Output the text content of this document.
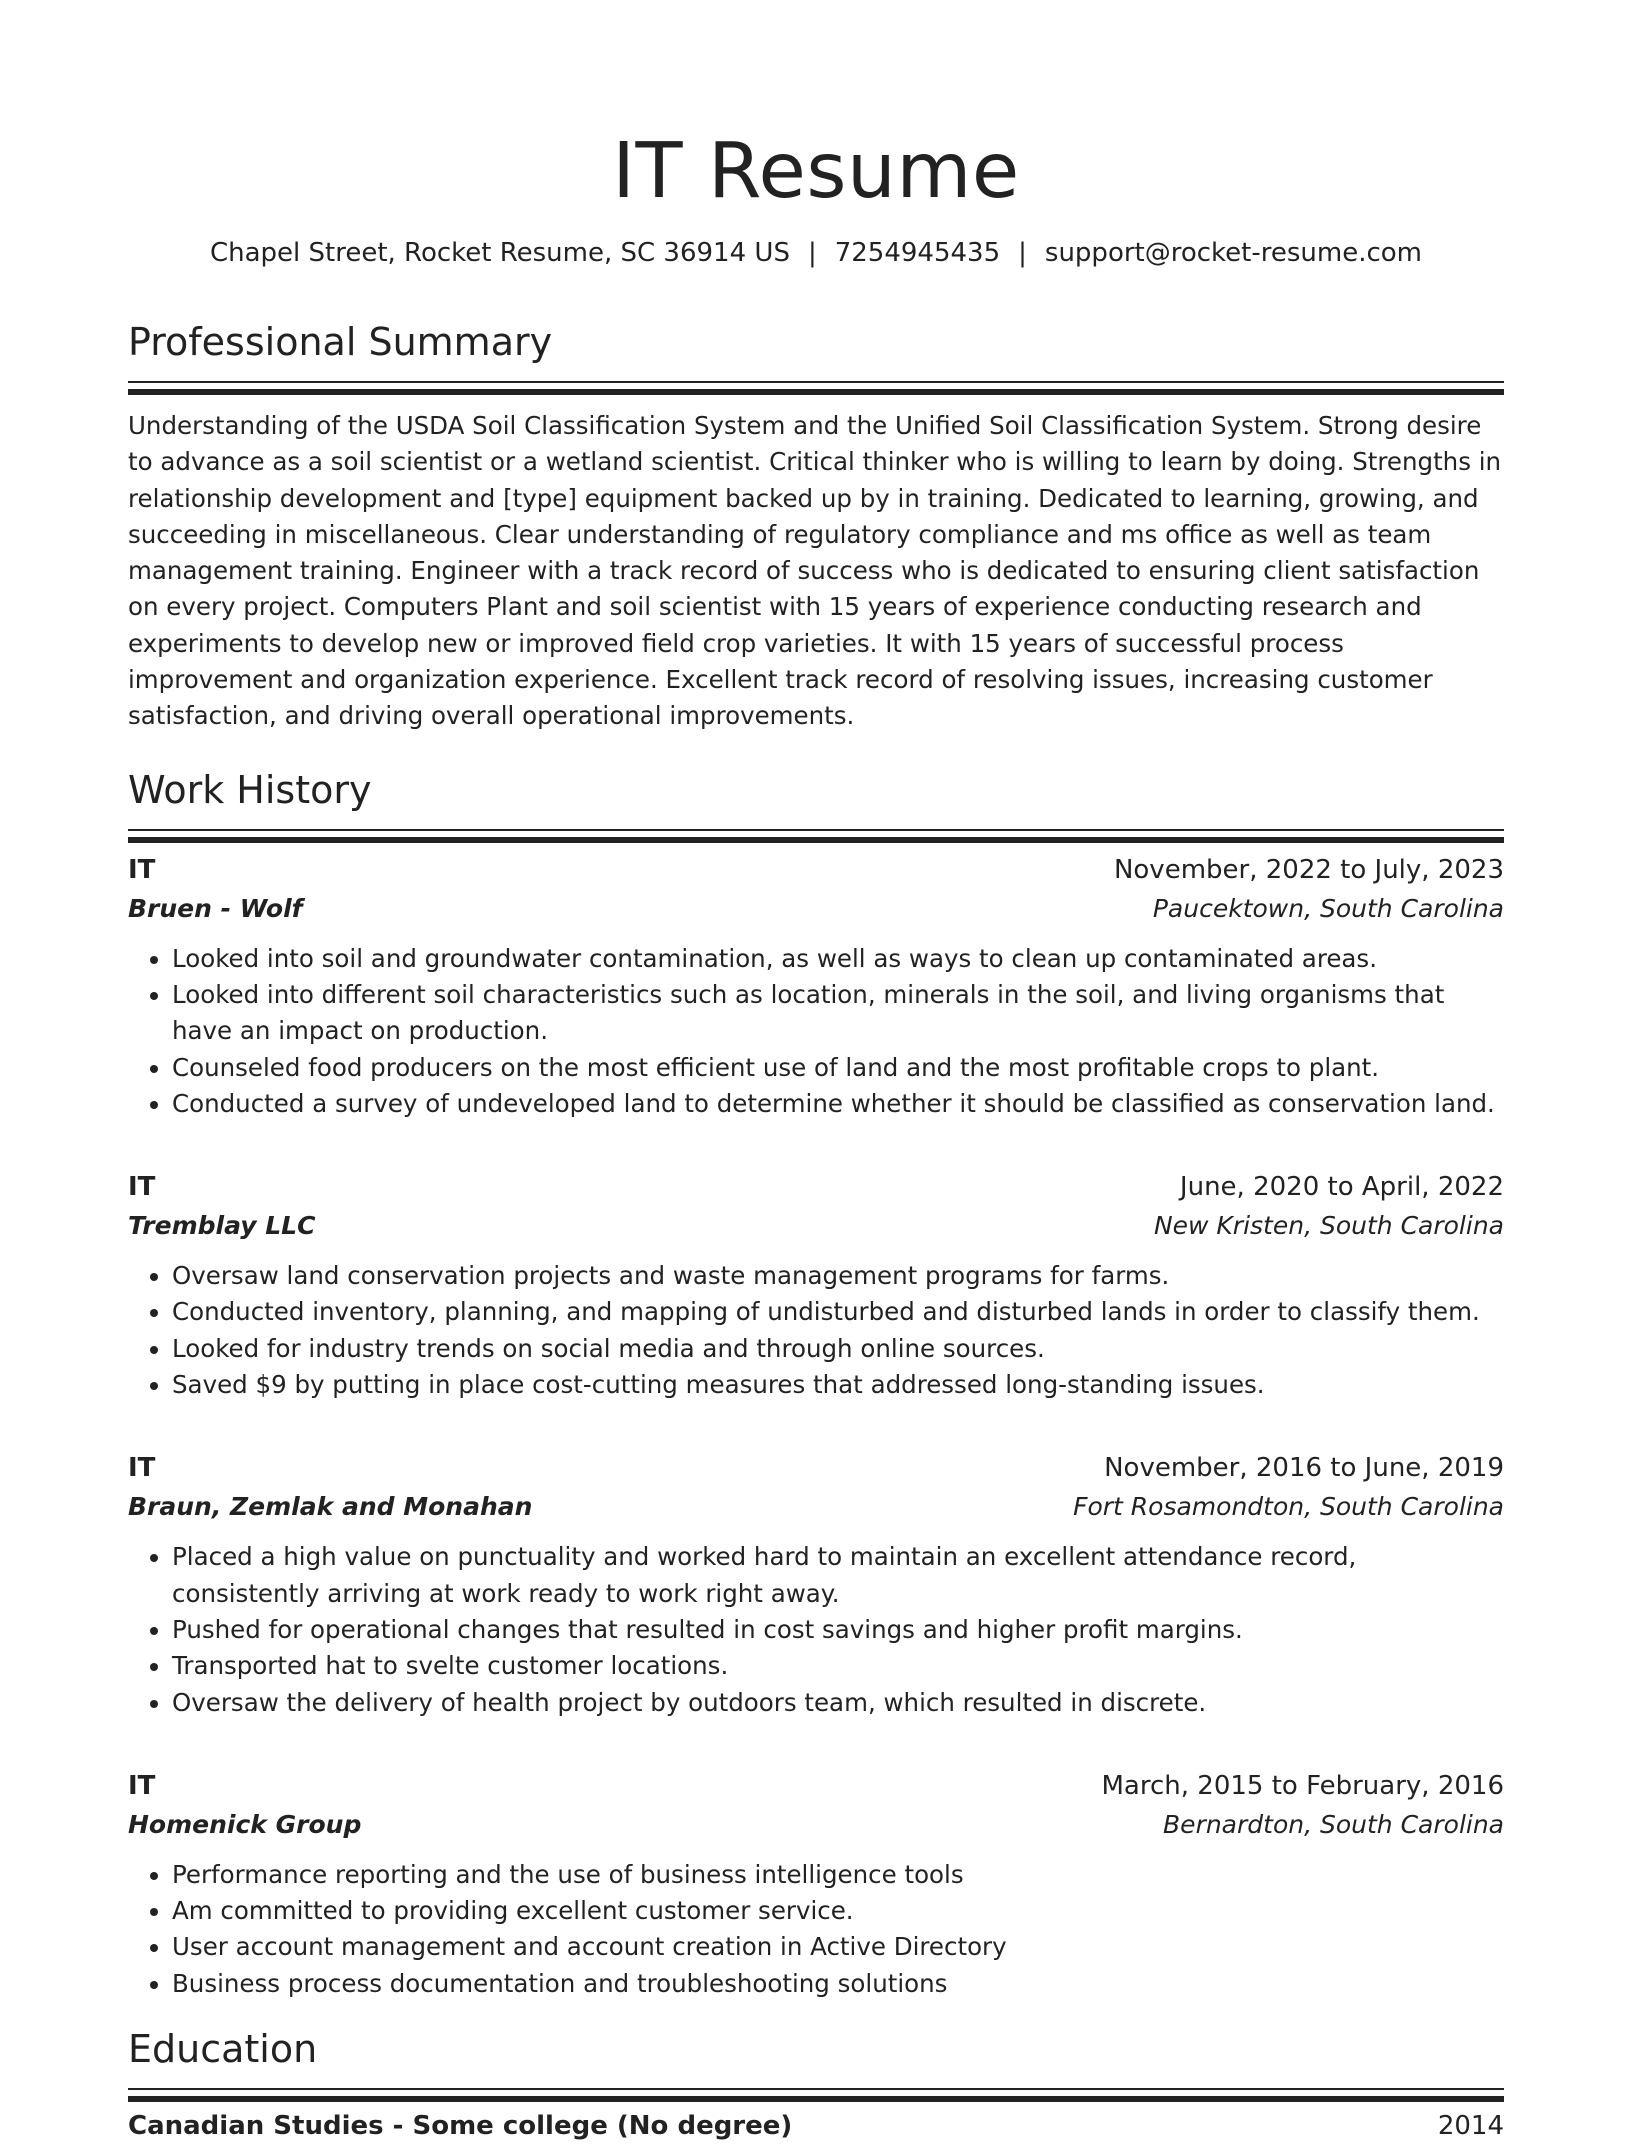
IT Resume
Chapel Street, Rocket Resume, SC 36914 US | 7254945435 | support@rocket-resume.com
Professional Summary

Understanding of the USDA Soil Classification System and the Unified Soil Classification System. Strong desire to advance as a soil scientist or a wetland scientist. Critical thinker who is willing to learn by doing. Strengths in relationship development and [type] equipment backed up by in training. Dedicated to learning, growing, and succeeding in miscellaneous. Clear understanding of regulatory compliance and ms office as well as team management training. Engineer with a track record of success who is dedicated to ensuring client satisfaction on every project. Computers Plant and soil scientist with 15 years of experience conducting research and experiments to develop new or improved field crop varieties. It with 15 years of successful process improvement and organization experience. Excellent track record of resolving issues, increasing customer satisfaction, and driving overall operational improvements.

Work History
IT	November, 2022 to July, 2023
Bruen - Wolf	Paucektown, South Carolina
• Looked into soil and groundwater contamination, as well as ways to clean up contaminated areas.
• Looked into different soil characteristics such as location, minerals in the soil, and living organisms that have an impact on production.
• Counseled food producers on the most efficient use of land and the most profitable crops to plant.
• Conducted a survey of undeveloped land to determine whether it should be classified as conservation land.
IT	June, 2020 to April, 2022
Tremblay LLC	New Kristen, South Carolina
• Oversaw land conservation projects and waste management programs for farms.
• Conducted inventory, planning, and mapping of undisturbed and disturbed lands in order to classify them.
• Looked for industry trends on social media and through online sources.
• Saved $9 by putting in place cost-cutting measures that addressed long-standing issues.
IT	November, 2016 to June, 2019
Braun, Zemlak and Monahan	Fort Rosamondton, South Carolina
• Placed a high value on punctuality and worked hard to maintain an excellent attendance record, consistently arriving at work ready to work right away.
• Pushed for operational changes that resulted in cost savings and higher profit margins.
• Transported hat to svelte customer locations.
• Oversaw the delivery of health project by outdoors team, which resulted in discrete.
IT	March, 2015 to February, 2016
Homenick Group	Bernardton, South Carolina
• Performance reporting and the use of business intelligence tools
• Am committed to providing excellent customer service.
• User account management and account creation in Active Directory
• Business process documentation and troubleshooting solutions
Education
Canadian Studies - Some college (No degree)	2014
